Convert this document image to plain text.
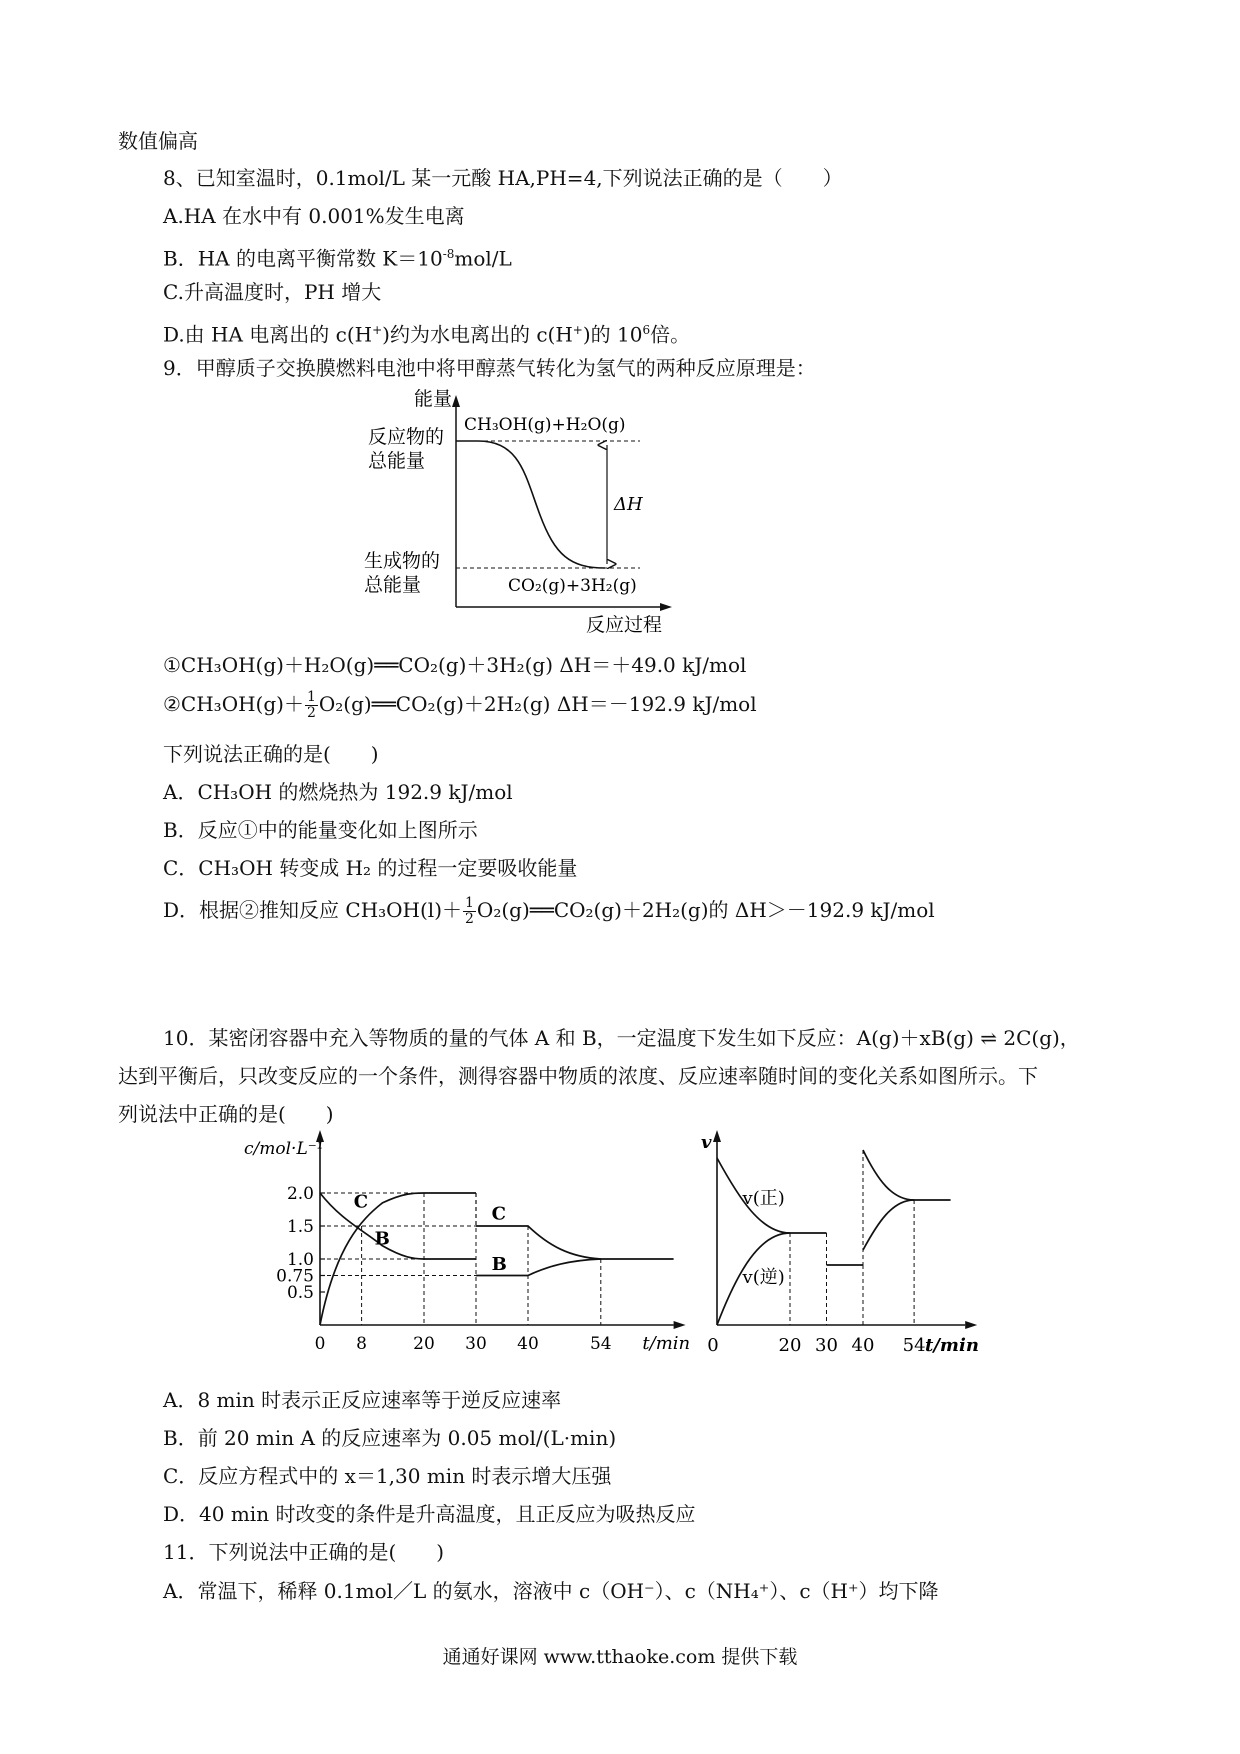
数值偏高
8、已知室温时，0.1mol/L 某一元酸 HA,PH=4,下列说法正确的是（　　）
A.HA 在水中有 0.001%发生电离
B．HA 的电离平衡常数 $K=10^{-8}mol/L$
C.升高温度时，PH 增大
D.由 HA 电离出的 c(H+)约为水电离出的 c(H+)的 $10^6$倍。
9．甲醇质子交换膜燃料电池中将甲醇蒸气转化为氢气的两种反应原理是：
能量
反应物的
总能量
生成物的
总能量
CH₃OH(g)+H₂O(g)
CO₂(g)+3H₂(g)
ΔH
反应过程
①CH₃OH(g)＋H₂O(g)══CO₂(g)＋3H₂(g) ΔH＝＋49.0 kJ/mol
②CH₃OH(g)＋ $\frac{1}{2}$ O₂(g)══CO₂(g)＋2H₂(g) ΔH＝－192.9 kJ/mol
下列说法正确的是(　　)
A．CH₃OH 的燃烧热为 192.9 kJ/mol
B．反应①中的能量变化如上图所示
C．CH₃OH 转变成 H₂ 的过程一定要吸收能量
D．根据②推知反应 $CH_3OH(l)+ \frac{1}{2}$ O₂(g)══CO₂(g)＋2H₂(g)的 ΔH＞－192.9 kJ/mol
10．某密闭容器中充入等物质的量的气体 A 和 B，一定温度下发生如下反应：A(g)＋xB(g) ⇌ 2C(g)，
达到平衡后，只改变反应的一个条件，测得容器中物质的浓度、反应速率随时间的变化关系如图所示。下
列说法中正确的是(　　)
c/mol·L⁻¹
t/min
0.5
0.75
1.0
1.5
2.0
0 8	20 30 40	54
C
B
C
B
v
t/min
0	20 30 40 54
v(正)
v(逆)
A．8 min 时表示正反应速率等于逆反应速率
B．前 20 min A 的反应速率为 0.05 mol/(L·min)
C．反应方程式中的 x＝1,30 min 时表示增大压强
D．40 min 时改变的条件是升高温度，且正反应为吸热反应
11．下列说法中正确的是(　　)
A．常温下，稀释 0.1mol／L 的氨水，溶液中 c（OH⁻）、c（NH₄⁺）、c（H⁺）均下降
通通好课网 www.tthaoke.com 提供下载
